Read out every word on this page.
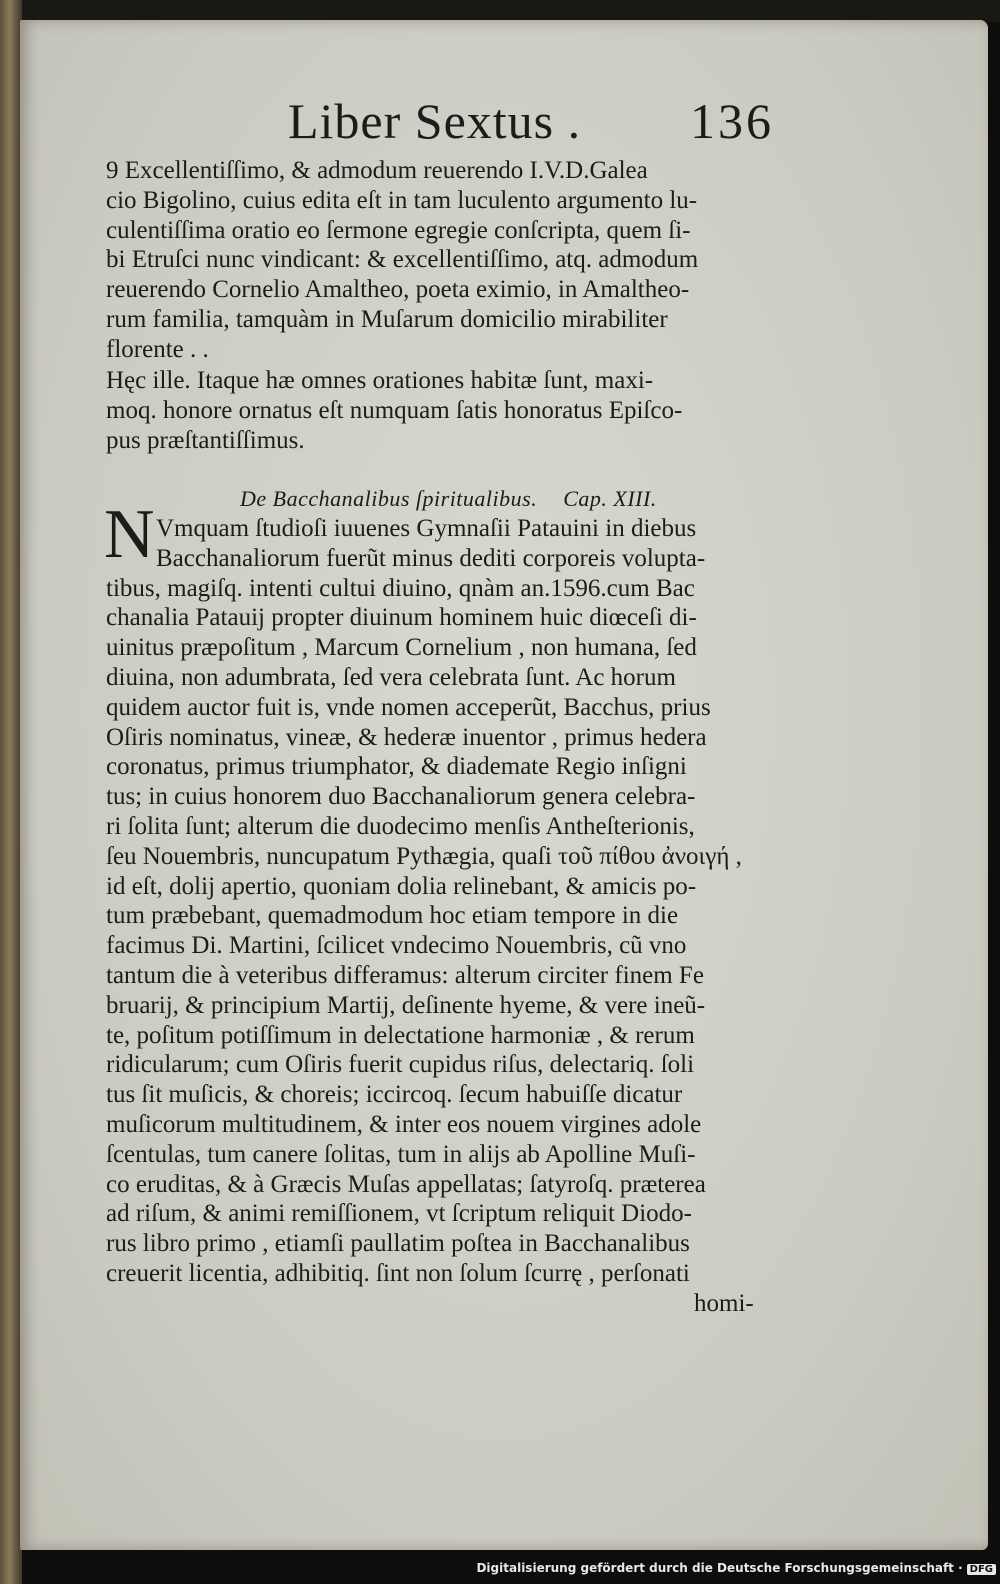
Liber Sextus . 136

9 Excellentiſſimo, & admodum reuerendo I.V.D.Galea
cio Bigolino, cuius edita eſt in tam luculento argumento lu-
culentiſſima oratio eo ſermone egregie conſcripta, quem ſi-
bi Etruſci nunc vindicant: & excellentiſſimo, atq. admodum
reuerendo Cornelio Amaltheo, poeta eximio, in Amaltheo-
rum familia, tamquàm in Muſarum domicilio mirabiliter
florente . .

Hęc ille. Itaque hæ omnes orationes habitæ ſunt, maxi-
moq. honore ornatus eſt numquam ſatis honoratus Epiſco-
pus præſtantiſſimus.

De Bacchanalibus ſpiritualibus. Cap. XIII.
N Vmquam ſtudioſi iuuenes Gymnaſii Patauini in diebus
Bacchanaliorum fuerũt minus dediti corporeis volupta-
tibus, magiſq. intenti cultui diuino, qnàm an.1596.cum Bac
chanalia Patauij propter diuinum hominem huic diœceſi di-
uinitus præpoſitum , Marcum Cornelium , non humana, ſed
diuina, non adumbrata, ſed vera celebrata ſunt. Ac horum
quidem auctor fuit is, vnde nomen acceperũt, Bacchus, prius
Oſiris nominatus, vineæ, & hederæ inuentor , primus hedera
coronatus, primus triumphator, & diademate Regio inſigni
tus; in cuius honorem duo Bacchanaliorum genera celebra-
ri ſolita ſunt; alterum die duodecimo menſis Antheſterionis,
ſeu Nouembris, nuncupatum Pythægia, quaſi τοῦ πίθου ἀνοιγή ,
id eſt, dolij apertio, quoniam dolia relinebant, & amicis po-
tum præbebant, quemadmodum hoc etiam tempore in die
facimus Di. Martini, ſcilicet vndecimo Nouembris, cũ vno
tantum die à veteribus differamus: alterum circiter finem Fe
bruarij, & principium Martij, deſinente hyeme, & vere ineũ-
te, poſitum potiſſimum in delectatione harmoniæ , & rerum
ridicularum; cum Oſiris fuerit cupidus riſus, delectariq. ſoli
tus ſit muſicis, & choreis; iccircoq. ſecum habuiſſe dicatur
muſicorum multitudinem, & inter eos nouem virgines adole
ſcentulas, tum canere ſolitas, tum in alijs ab Apolline Muſi-
co eruditas, & à Græcis Muſas appellatas; ſatyroſq. præterea
ad riſum, & animi remiſſionem, vt ſcriptum reliquit Diodo-
rus libro primo , etiamſi paullatim poſtea in Bacchanalibus
creuerit licentia, adhibitiq. ſint non ſolum ſcurrę , perſonati

homi-
Digitalisierung gefördert durch die Deutsche Forschungsgemeinschaft · DFG
